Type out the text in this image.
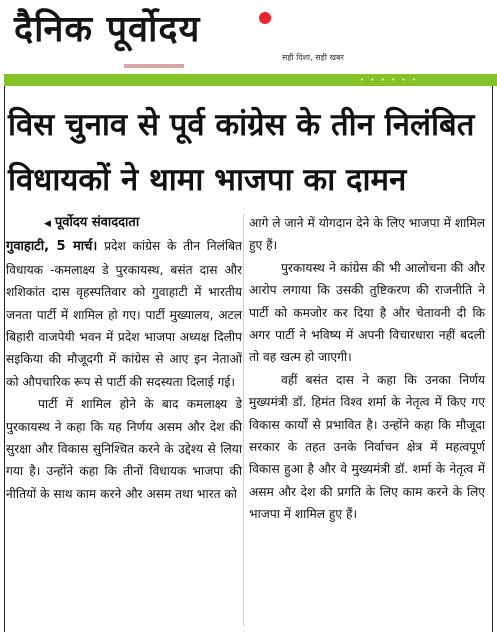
दैनिक पूर्वोदय
सही दिशा, सही खबर
• • • • • •
विस चुनाव से पूर्व कांग्रेस के तीन निलंबित
विधायकों ने थामा भाजपा का दामन
◀ पूर्वोदय संवाददाता

गुवाहाटी, 5 मार्च। प्रदेश कांग्रेस के तीन निलंबित विधायक -कमलाक्ष्य डे पुरकायस्थ, बसंत दास और शशिकांत दास वृहस्पतिवार को गुवाहाटी में भारतीय जनता पार्टी में शामिल हो गए। पार्टी मुख्यालय, अटल बिहारी वाजपेयी भवन में प्रदेश भाजपा अध्यक्ष दिलीप सइकिया की मौजूदगी में कांग्रेस से आए इन नेताओं को औपचारिक रूप से पार्टी की सदस्यता दिलाई गई।

पार्टी में शामिल होने के बाद कमलाक्ष्य डे पुरकायस्थ ने कहा कि यह निर्णय असम और देश की सुरक्षा और विकास सुनिश्चित करने के उद्देश्य से लिया गया है। उन्होंने कहा कि तीनों विधायक भाजपा की नीतियों के साथ काम करने और असम तथा भारत को

आगे ले जाने में योगदान देने के लिए भाजपा में शामिल हुए हैं।

पुरकायस्थ ने कांग्रेस की भी आलोचना की और आरोप लगाया कि उसकी तुष्टिकरण की राजनीति ने पार्टी को कमजोर कर दिया है और चेतावनी दी कि अगर पार्टी ने भविष्य में अपनी विचारधारा नहीं बदली तो वह खत्म हो जाएगी।

वहीं बसंत दास ने कहा कि उनका निर्णय मुख्यमंत्री डॉ. हिमंत विश्व शर्मा के नेतृत्व में किए गए विकास कार्यों से प्रभावित है। उन्होंने कहा कि मौजूदा सरकार के तहत उनके निर्वाचन क्षेत्र में महत्वपूर्ण विकास हुआ है और वे मुख्यमंत्री डॉ. शर्मा के नेतृत्व में असम और देश की प्रगति के लिए काम करने के लिए भाजपा में शामिल हुए हैं।
